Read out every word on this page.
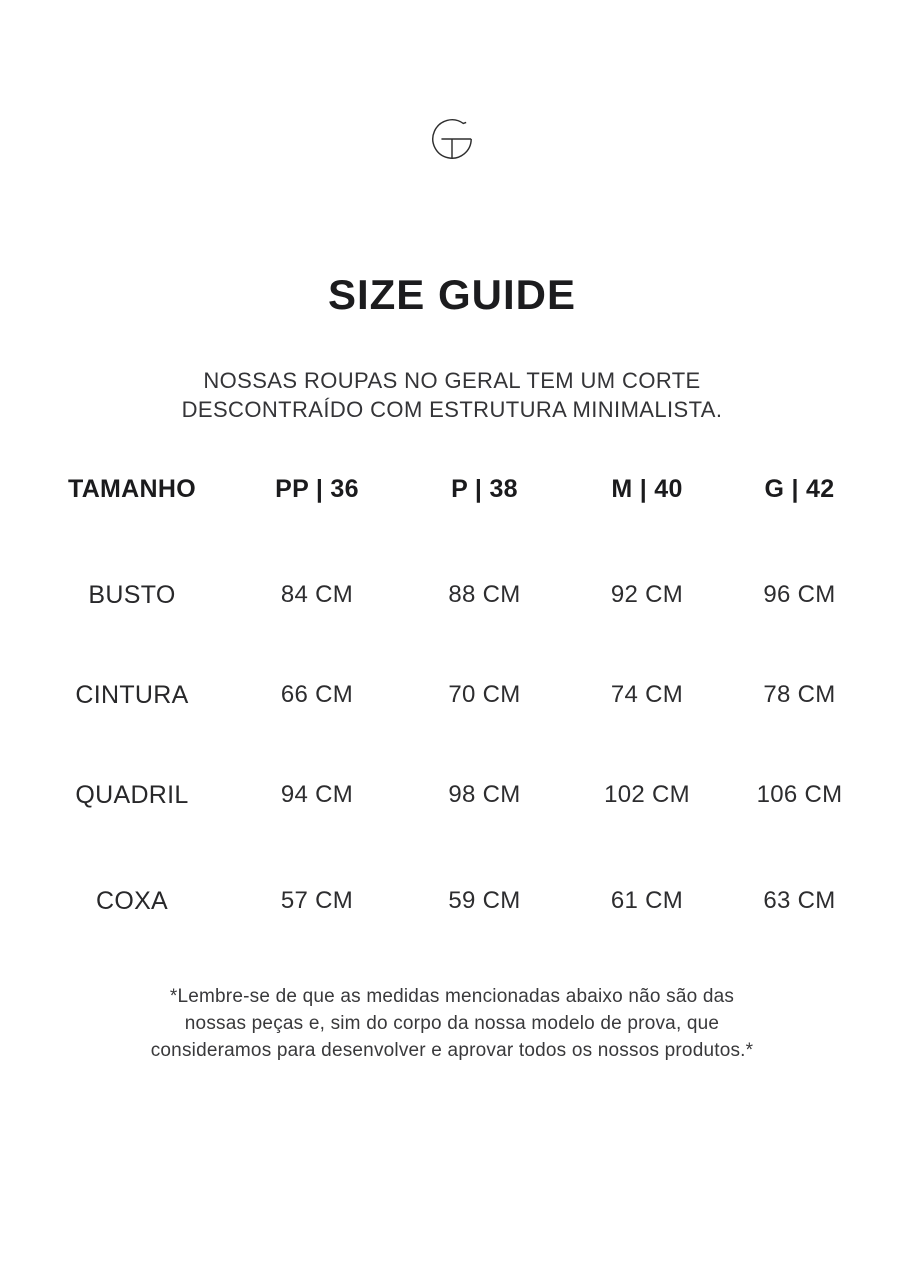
SIZE GUIDE
NOSSAS ROUPAS NO GERAL TEM UM CORTE
DESCONTRAÍDO COM ESTRUTURA MINIMALISTA.
TAMANHO	PP | 36	P | 38	M | 40	G | 42
BUSTO	84 CM	88 CM	92 CM	96 CM
CINTURA	66 CM	70 CM	74 CM	78 CM
QUADRIL	94 CM	98 CM	102 CM	106 CM
COXA	57 CM	59 CM	61 CM	63 CM
*Lembre-se de que as medidas mencionadas abaixo não são das
nossas peças e, sim do corpo da nossa modelo de prova, que
consideramos para desenvolver e aprovar todos os nossos produtos.*
